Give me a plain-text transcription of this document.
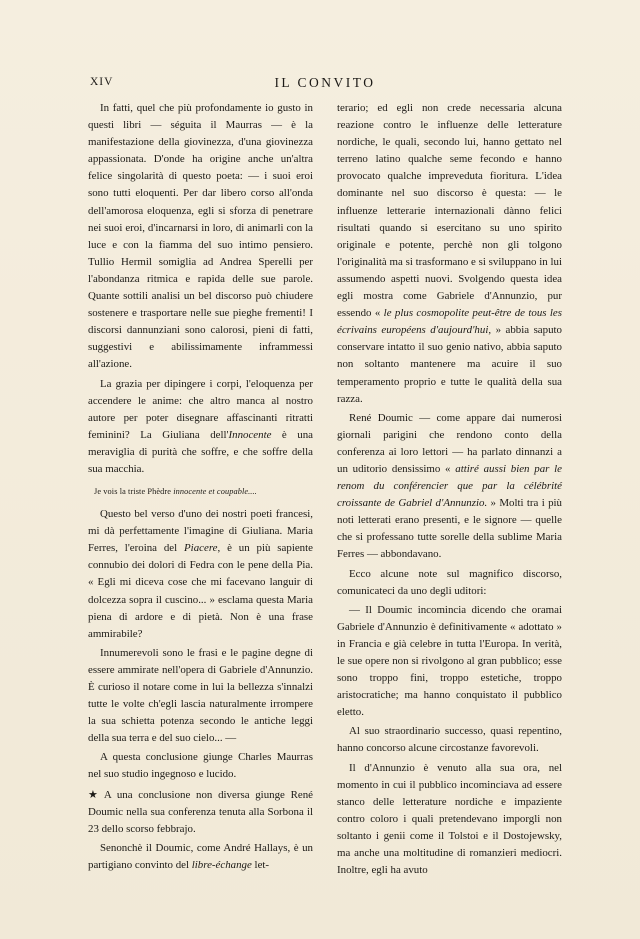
XIV	IL CONVITO

In fatti, quel che più profondamente io gusto in questi libri — séguita il Maurras — è la manifestazione della giovinezza, d'una giovinezza appassionata. D'onde ha origine anche un'altra felice singolarità di questo poeta: — i suoi eroi sono tutti eloquenti. Per dar libero corso all'onda dell'amorosa eloquenza, egli si sforza di penetrare nei suoi eroi, d'incarnarsi in loro, di animarli con la luce e con la fiamma del suo intimo pensiero. Tullio Hermil somiglia ad Andrea Sperelli per l'abondanza ritmica e rapida delle sue parole. Quante sottili analisi un bel discorso può chiudere sostenere e trasportare nelle sue pieghe frementi! I discorsi dannunziani sono calorosi, pieni di fatti, suggestivi e abilissimamente inframmessi all'azione.

La grazia per dipingere i corpi, l'eloquenza per accendere le anime: che altro manca al nostro autore per poter disegnare affascinanti ritratti feminini? La Giuliana dell'Innocente è una meraviglia di purità che soffre, e che soffre della sua macchia.

Je vois la triste Phèdre innocente et coupable....

Questo bel verso d'uno dei nostri poeti francesi, mi dà perfettamente l'imagine di Giuliana. Maria Ferres, l'eroina del Piacere, è un più sapiente connubio dei dolori di Fedra con le pene della Pia. « Egli mi diceva cose che mi facevano languir di dolcezza sopra il cuscino... » esclama questa Maria piena di ardore e di pietà. Non è una frase ammirabile?

Innumerevoli sono le frasi e le pagine degne di essere ammirate nell'opera di Gabriele d'Annunzio. È curioso il notare come in lui la bellezza s'innalzi tutte le volte ch'egli lascia naturalmente irrompere la sua schietta potenza secondo le antiche leggi della sua terra e del suo cielo... —

A questa conclusione giunge Charles Maurras nel suo studio ingegnoso e lucido.

★ A una conclusione non diversa giunge René Doumic nella sua conferenza tenuta alla Sorbona il 23 dello scorso febbrajo.

Senonchè il Doumic, come André Hallays, è un partigiano convinto del libre-échange let-

terario; ed egli non crede necessaria alcuna reazione contro le influenze delle letterature nordiche, le quali, secondo lui, hanno gettato nel terreno latino qualche seme fecondo e hanno provocato qualche impreveduta fioritura. L'idea dominante nel suo discorso è questa: — le influenze letterarie internazionali dànno felici risultati quando si esercitano su uno spirito originale e potente, perchè non gli tolgono l'originalità ma si trasformano e si sviluppano in lui assumendo aspetti nuovi. Svolgendo questa idea egli mostra come Gabriele d'Annunzio, pur essendo « le plus cosmopolite peut-être de tous les écrivains européens d'aujourd'hui, » abbia saputo conservare intatto il suo genio nativo, abbia saputo non soltanto mantenere ma acuire il suo temperamento proprio e tutte le qualità della sua razza.

René Doumic — come appare dai numerosi giornali parigini che rendono conto della conferenza ai loro lettori — ha parlato dinnanzi a un uditorio densissimo « attiré aussi bien par le renom du conférencier que par la célébrité croissante de Gabriel d'Annunzio. » Molti tra i più noti letterati erano presenti, e le signore — quelle che si professano tutte sorelle della sublime Maria Ferres — abbondavano.

Ecco alcune note sul magnifico discorso, comunicateci da uno degli uditori:

— Il Doumic incomincia dicendo che oramai Gabriele d'Annunzio è definitivamente « adottato » in Francia e già celebre in tutta l'Europa. In verità, le sue opere non si rivolgono al gran pubblico; esse sono troppo fini, troppo estetiche, troppo aristocratiche; ma hanno conquistato il pubblico eletto.

Al suo straordinario successo, quasi repentino, hanno concorso alcune circostanze favorevoli.

Il d'Annunzio è venuto alla sua ora, nel momento in cui il pubblico incominciava ad essere stanco delle letterature nordiche e impaziente contro coloro i quali pretendevano imporgli non soltanto i genii come il Tolstoi e il Dostojewsky, ma anche una moltitudine di romanzieri mediocri. Inoltre, egli ha avuto
